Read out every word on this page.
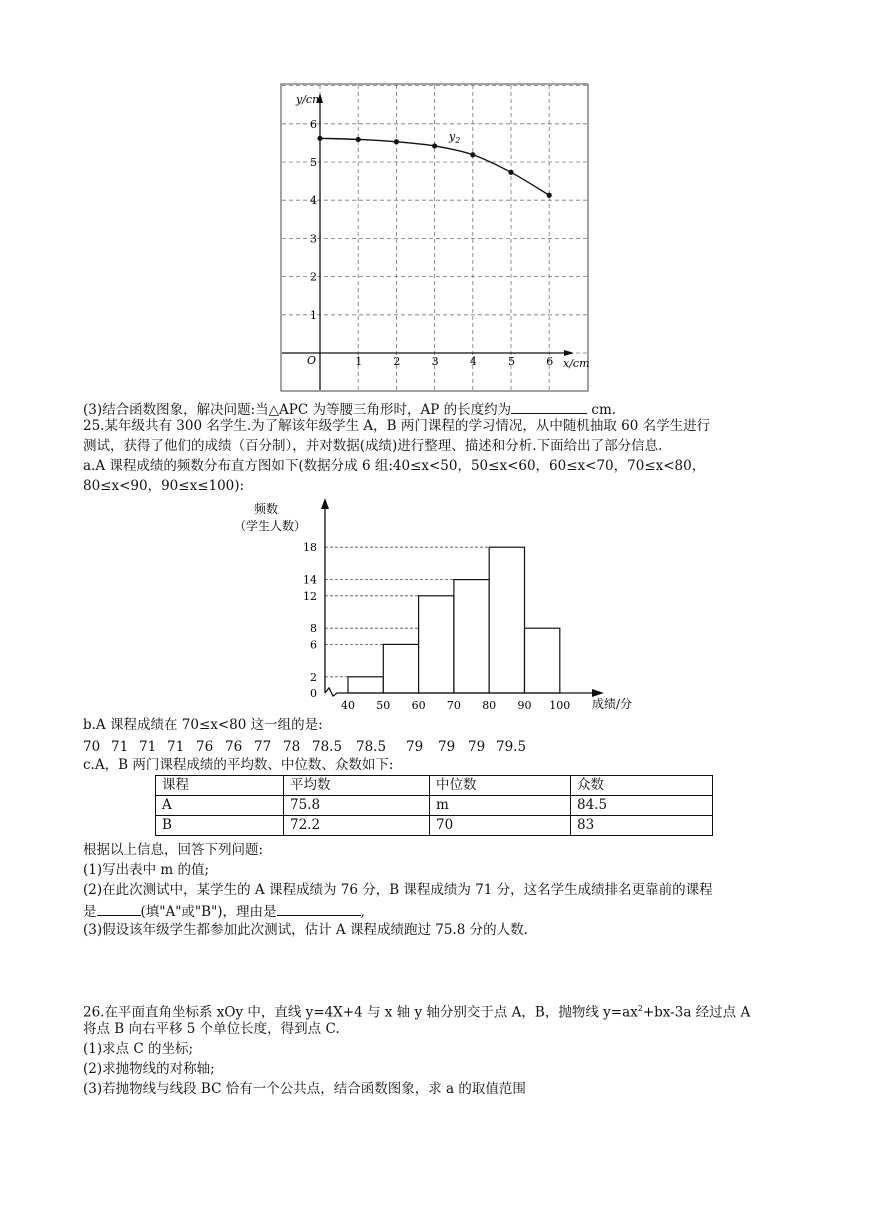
y/cm
x/cm
O
$y_2$
1	2	3	4	5	6
1
2
3
4
5
6
(3)结合函数图象，解决问题:当△APC 为等腰三角形时，AP 的长度约为	cm.
25.某年级共有 300 名学生.为了解该年级学生 A，B 两门课程的学习情况，从中随机抽取 60 名学生进行
测试，获得了他们的成绩（百分制），并对数据(成绩)进行整理、描述和分析.下面给出了部分信息.
a.A 课程成绩的频数分布直方图如下(数据分成 6 组:40≤x<50，50≤x<60，60≤x<70，70≤x<80，
80≤x<90，90≤x≤100):
频数
（学生人数）
成绩/分
0
2
6
8
12
14
18
40 50 60 70 80 90 100
b.A 课程成绩在 70≤x<80 这一组的是:
70 71 71 71 76 76 77 78 78.5 78.5 79 79 79 79.5
c.A，B 两门课程成绩的平均数、中位数、众数如下:
课程	平均数	中位数	众数
A	75.8	m	84.5
B	72.2	70	83
根据以上信息，回答下列问题:
(1)写出表中 m 的值;
(2)在此次测试中，某学生的 A 课程成绩为 76 分，B 课程成绩为 71 分，这名学生成绩排名更靠前的课程
是	(填"A"或"B")，理由是	,
(3)假设该年级学生都参加此次测试，估计 A 课程成绩跑过 75.8 分的人数.
26.在平面直角坐标系 xOy 中，直线 y=4X+4 与 x 轴 y 轴分别交于点 A，B，抛物线 $y=ax^2+bx-3a$ 经过点 A
将点 B 向右平移 5 个单位长度，得到点 C.
(1)求点 C 的坐标;
(2)求抛物线的对称轴;
(3)若抛物线与线段 BC 恰有一个公共点，结合函数图象，求 a 的取值范围
